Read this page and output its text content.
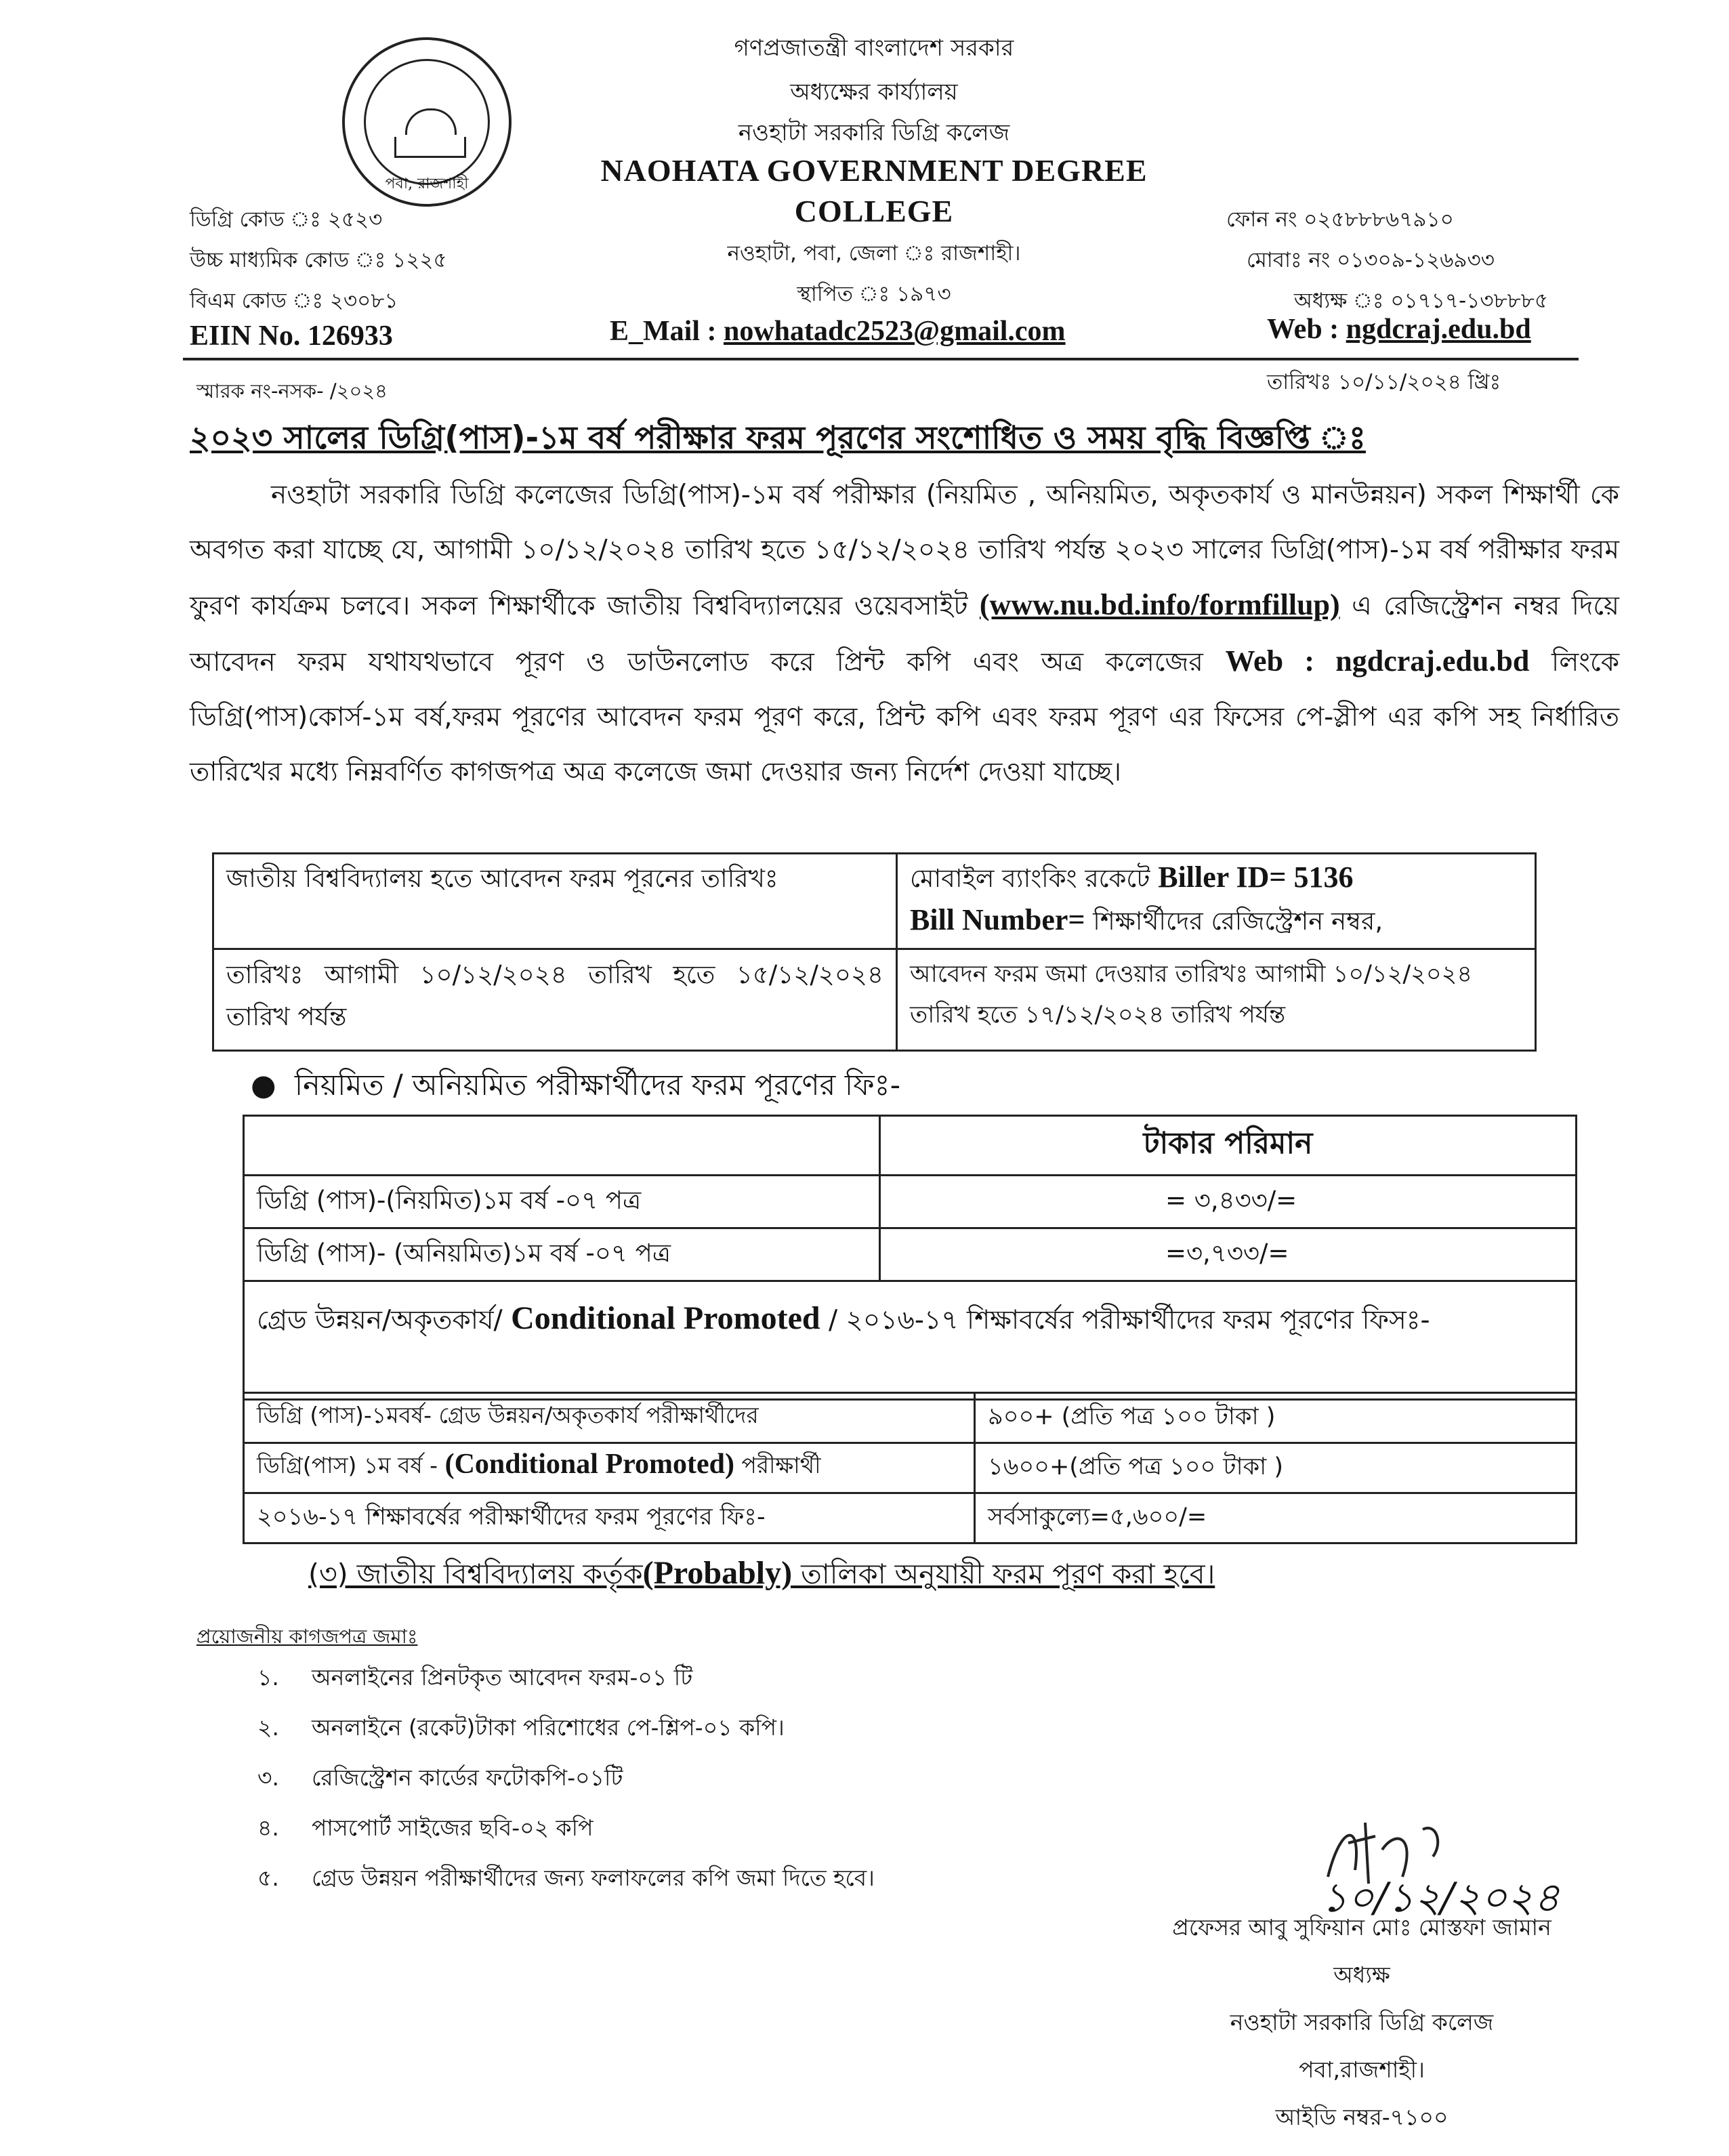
পবা, রাজশাহী
গণপ্রজাতন্ত্রী বাংলাদেশ সরকার
অধ্যক্ষের কার্য্যালয়
নওহাটা সরকারি ডিগ্রি কলেজ
NAOHATA GOVERNMENT DEGREE
COLLEGE
নওহাটা, পবা, জেলা ঃ রাজশাহী।
স্থাপিত ঃ ১৯৭৩
E_Mail : nowhatadc2523@gmail.com
ডিগ্রি কোড ঃ ২৫২৩
উচ্চ মাধ্যমিক কোড ঃ ১২২৫
বিএম কোড ঃ ২৩০৮১
EIIN No. 126933
ফোন নং ০২৫৮৮৮৬৭৯১০
মোবাঃ নং ০১৩০৯-১২৬৯৩৩
অধ্যক্ষ ঃ ০১৭১৭-১৩৮৮৮৫
Web : ngdcraj.edu.bd
স্মারক নং-নসক- /২০২৪	তারিখঃ ১০/১১/২০২৪ খ্রিঃ
২০২৩ সালের ডিগ্রি(পাস)-১ম বর্ষ পরীক্ষার ফরম পূরণের সংশোধিত ও সময় বৃদ্ধি বিজ্ঞপ্তি ঃ
নওহাটা সরকারি ডিগ্রি কলেজের ডিগ্রি(পাস)-১ম বর্ষ পরীক্ষার (নিয়মিত , অনিয়মিত, অকৃতকার্য ও মানউন্নয়ন) সকল শিক্ষার্থী কে অবগত করা যাচ্ছে যে, আগামী ১০/১২/২০২৪ তারিখ হতে ১৫/১২/২০২৪ তারিখ পর্যন্ত ২০২৩ সালের ডিগ্রি(পাস)-১ম বর্ষ পরীক্ষার ফরম ফুরণ কার্যক্রম চলবে। সকল শিক্ষার্থীকে জাতীয় বিশ্ববিদ্যালয়ের ওয়েবসাইট (www.nu.bd.info/formfillup) এ রেজিস্ট্রেশন নম্বর দিয়ে আবেদন ফরম যথাযথভাবে পূরণ ও ডাউনলোড করে প্রিন্ট কপি এবং অত্র কলেজের Web : ngdcraj.edu.bd লিংকে ডিগ্রি(পাস)কোর্স-১ম বর্ষ,ফরম পূরণের আবেদন ফরম পূরণ করে, প্রিন্ট কপি এবং ফরম পূরণ এর ফিসের পে-স্লীপ এর কপি সহ নির্ধারিত তারিখের মধ্যে নিম্নবর্ণিত কাগজপত্র অত্র কলেজে জমা দেওয়ার জন্য নির্দেশ দেওয়া যাচ্ছে।
জাতীয় বিশ্ববিদ্যালয় হতে আবেদন ফরম পূরনের তারিখঃ	মোবাইল ব্যাংকিং রকেটে Biller ID= 5136
Bill Number= শিক্ষার্থীদের রেজিস্ট্রেশন নম্বর,
তারিখঃ আগামী ১০/১২/২০২৪ তারিখ হতে ১৫/১২/২০২৪ তারিখ পর্যন্ত	আবেদন ফরম জমা দেওয়ার তারিখঃ আগামী ১০/১২/২০২৪ তারিখ হতে ১৭/১২/২০২৪ তারিখ পর্যন্ত
●  নিয়মিত / অনিয়মিত পরীক্ষার্থীদের ফরম পূরণের ফিঃ-
	টাকার পরিমান
ডিগ্রি (পাস)-(নিয়মিত)১ম বর্ষ -০৭ পত্র	= ৩,৪৩৩/=
ডিগ্রি (পাস)- (অনিয়মিত)১ম বর্ষ -০৭ পত্র	=৩,৭৩৩/=
গ্রেড উন্নয়ন/অকৃতকার্য/ Conditional Promoted / ২০১৬-১৭ শিক্ষাবর্ষের পরীক্ষার্থীদের ফরম পূরণের ফিসঃ-	
ডিগ্রি (পাস)-১মবর্ষ- গ্রেড উন্নয়ন/অকৃতকার্য পরীক্ষার্থীদের	৯০০+ (প্রতি পত্র ১০০ টাকা )
ডিগ্রি(পাস) ১ম বর্ষ - (Conditional Promoted) পরীক্ষার্থী	১৬০০+(প্রতি পত্র ১০০ টাকা )
২০১৬-১৭ শিক্ষাবর্ষের পরীক্ষার্থীদের ফরম পূরণের ফিঃ-	সর্বসাকুল্যে=৫,৬০০/=
(৩) জাতীয় বিশ্ববিদ্যালয় কর্তৃক(Probably) তালিকা অনুযায়ী ফরম পূরণ করা হবে।
প্রয়োজনীয় কাগজপত্র জমাঃ
১. অনলাইনের প্রিনটকৃত আবেদন ফরম-০১ টি
২. অনলাইনে (রকেট)টাকা পরিশোধের পে-শ্লিপ-০১ কপি।
৩. রেজিস্ট্রেশন কার্ডের ফটোকপি-০১টি
৪. পাসপোর্ট সাইজের ছবি-০২ কপি
৫. গ্রেড উন্নয়ন পরীক্ষার্থীদের জন্য ফলাফলের কপি জমা দিতে হবে।	১০/১২/২০২৪
প্রফেসর আবু সুফিয়ান মোঃ মোস্তফা জামান
অধ্যক্ষ
নওহাটা সরকারি ডিগ্রি কলেজ
পবা,রাজশাহী।
আইডি নম্বর-৭১০০
